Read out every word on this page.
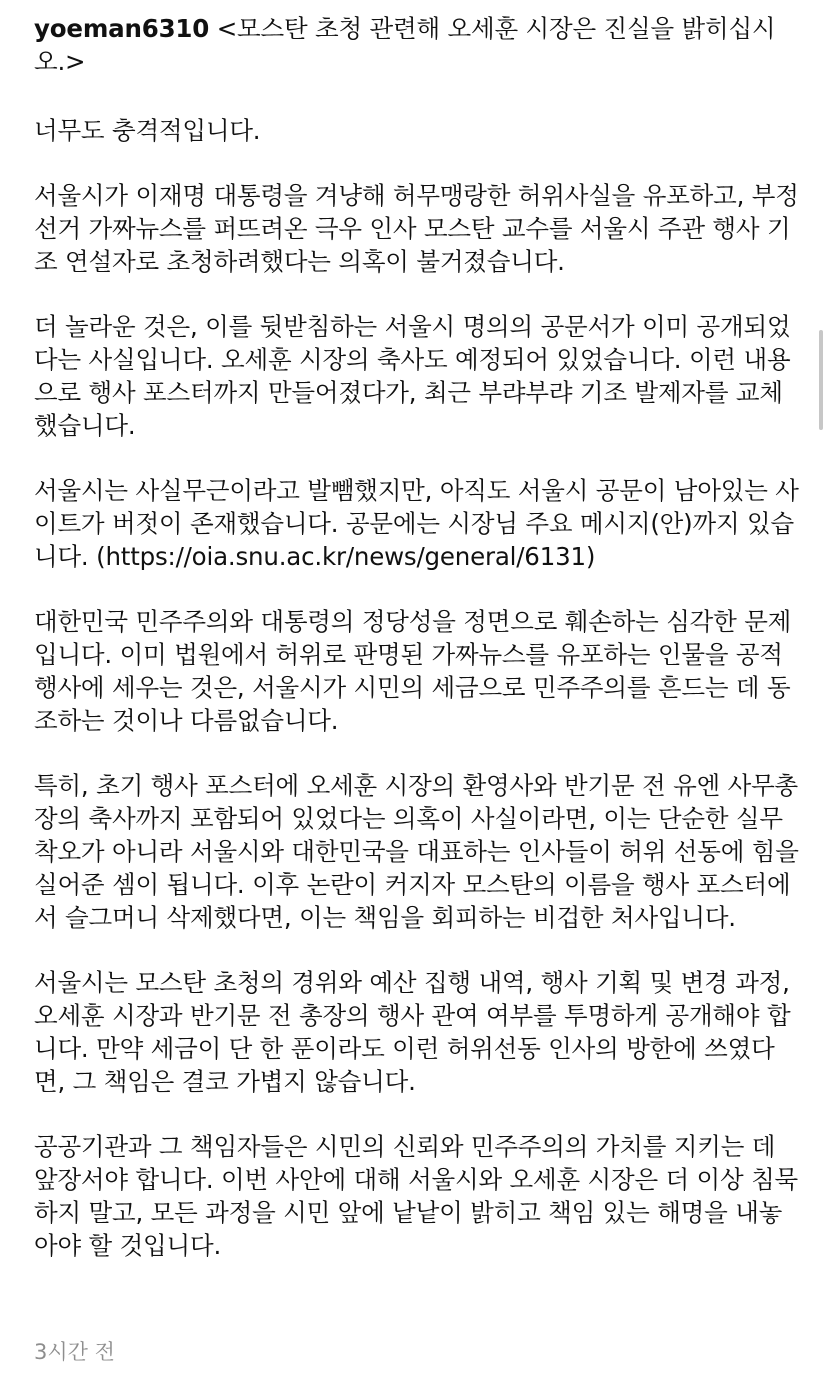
yoeman6310 <모스탄 초청 관련해 오세훈 시장은 진실을 밝히십시오.>

너무도 충격적입니다.

서울시가 이재명 대통령을 겨냥해 허무맹랑한 허위사실을 유포하고, 부정선거 가짜뉴스를 퍼뜨려온 극우 인사 모스탄 교수를 서울시 주관 행사 기조 연설자로 초청하려했다는 의혹이 불거졌습니다.

더 놀라운 것은, 이를 뒷받침하는 서울시 명의의 공문서가 이미 공개되었다는 사실입니다. 오세훈 시장의 축사도 예정되어 있었습니다. 이런 내용으로 행사 포스터까지 만들어졌다가, 최근 부랴부랴 기조 발제자를 교체했습니다.

서울시는 사실무근이라고 발뺌했지만, 아직도 서울시 공문이 남아있는 사이트가 버젓이 존재했습니다. 공문에는 시장님 주요 메시지(안)까지 있습니다. (https://oia.snu.ac.kr/news/general/6131)

대한민국 민주주의와 대통령의 정당성을 정면으로 훼손하는 심각한 문제입니다. 이미 법원에서 허위로 판명된 가짜뉴스를 유포하는 인물을 공적 행사에 세우는 것은, 서울시가 시민의 세금으로 민주주의를 흔드는 데 동조하는 것이나 다름없습니다.

특히, 초기 행사 포스터에 오세훈 시장의 환영사와 반기문 전 유엔 사무총장의 축사까지 포함되어 있었다는 의혹이 사실이라면, 이는 단순한 실무 착오가 아니라 서울시와 대한민국을 대표하는 인사들이 허위 선동에 힘을 실어준 셈이 됩니다. 이후 논란이 커지자 모스탄의 이름을 행사 포스터에서 슬그머니 삭제했다면, 이는 책임을 회피하는 비겁한 처사입니다.

서울시는 모스탄 초청의 경위와 예산 집행 내역, 행사 기획 및 변경 과정, 오세훈 시장과 반기문 전 총장의 행사 관여 여부를 투명하게 공개해야 합니다. 만약 세금이 단 한 푼이라도 이런 허위선동 인사의 방한에 쓰였다면, 그 책임은 결코 가볍지 않습니다.

공공기관과 그 책임자들은 시민의 신뢰와 민주주의의 가치를 지키는 데 앞장서야 합니다. 이번 사안에 대해 서울시와 오세훈 시장은 더 이상 침묵하지 말고, 모든 과정을 시민 앞에 낱낱이 밝히고 책임 있는 해명을 내놓아야 할 것입니다.

3시간 전
